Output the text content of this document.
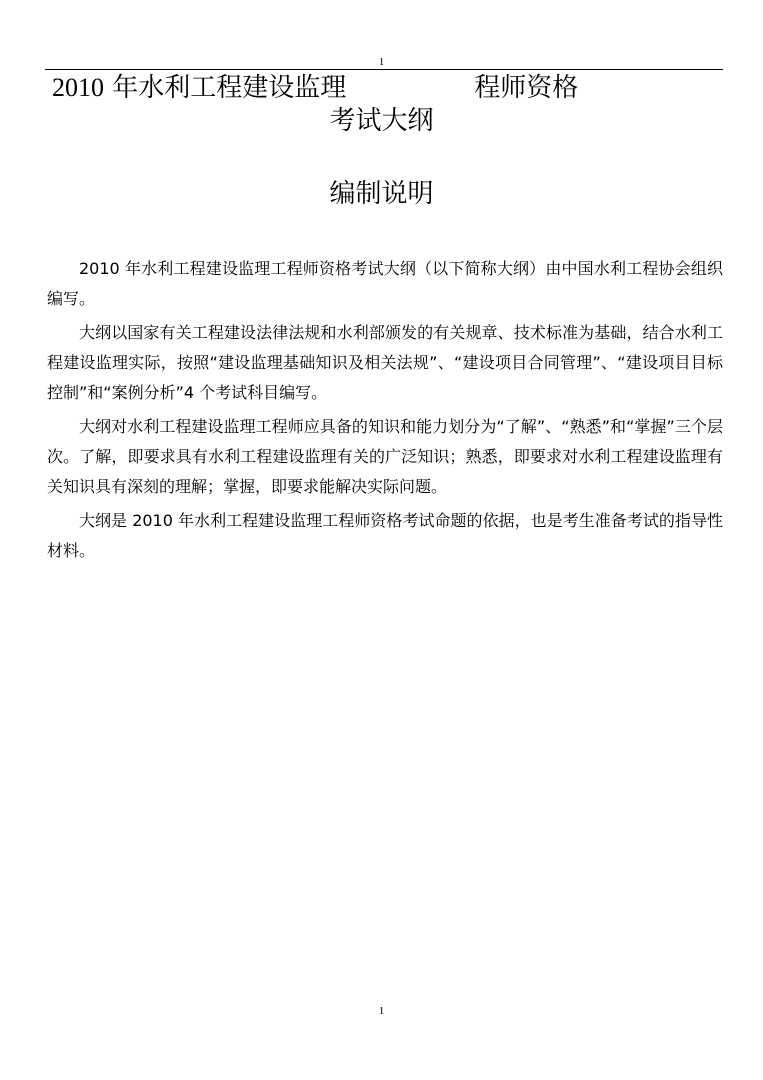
1
2010 年水利工程建设监理	程师资格
考试大纲
编制说明

2010 年水利工程建设监理工程师资格考试大纲（以下简称大纲）由中国水利工程协会组织编写。

大纲以国家有关工程建设法律法规和水利部颁发的有关规章、技术标准为基础，结合水利工程建设监理实际，按照“建设监理基础知识及相关法规”、“建设项目合同管理”、“建设项目目标控制”和“案例分析”4 个考试科目编写。

大纲对水利工程建设监理工程师应具备的知识和能力划分为“了解”、“熟悉”和“掌握”三个层次。了解，即要求具有水利工程建设监理有关的广泛知识；熟悉，即要求对水利工程建设监理有关知识具有深刻的理解；掌握，即要求能解决实际问题。

大纲是 2010 年水利工程建设监理工程师资格考试命题的依据，也是考生准备考试的指导性材料。

1
